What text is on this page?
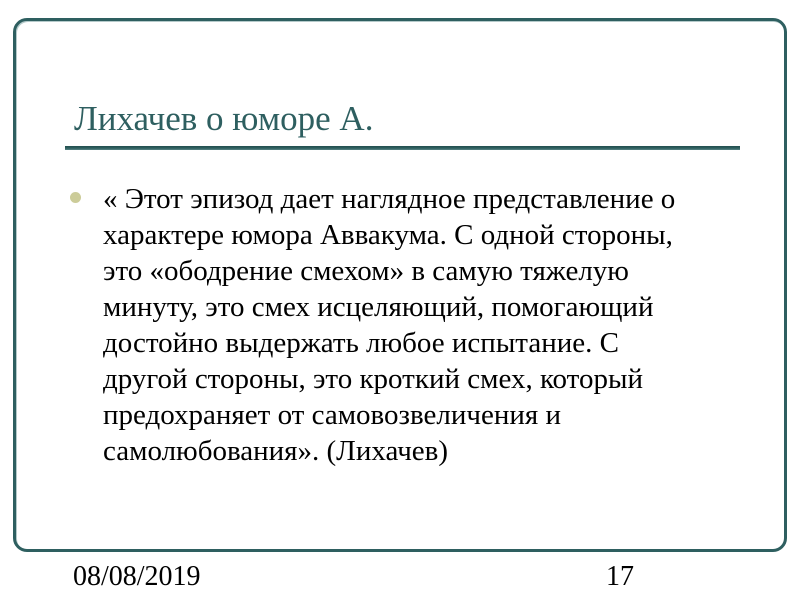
Лихачев о юморе А.
« Этот эпизод дает наглядное представление о
характере юмора Аввакума. С одной стороны,
это «ободрение смехом» в самую тяжелую
минуту, это смех исцеляющий, помогающий
достойно выдержать любое испытание. С
другой стороны, это кроткий смех, который
предохраняет от самовозвеличения и
самолюбования». (Лихачев)
08/08/2019	17
